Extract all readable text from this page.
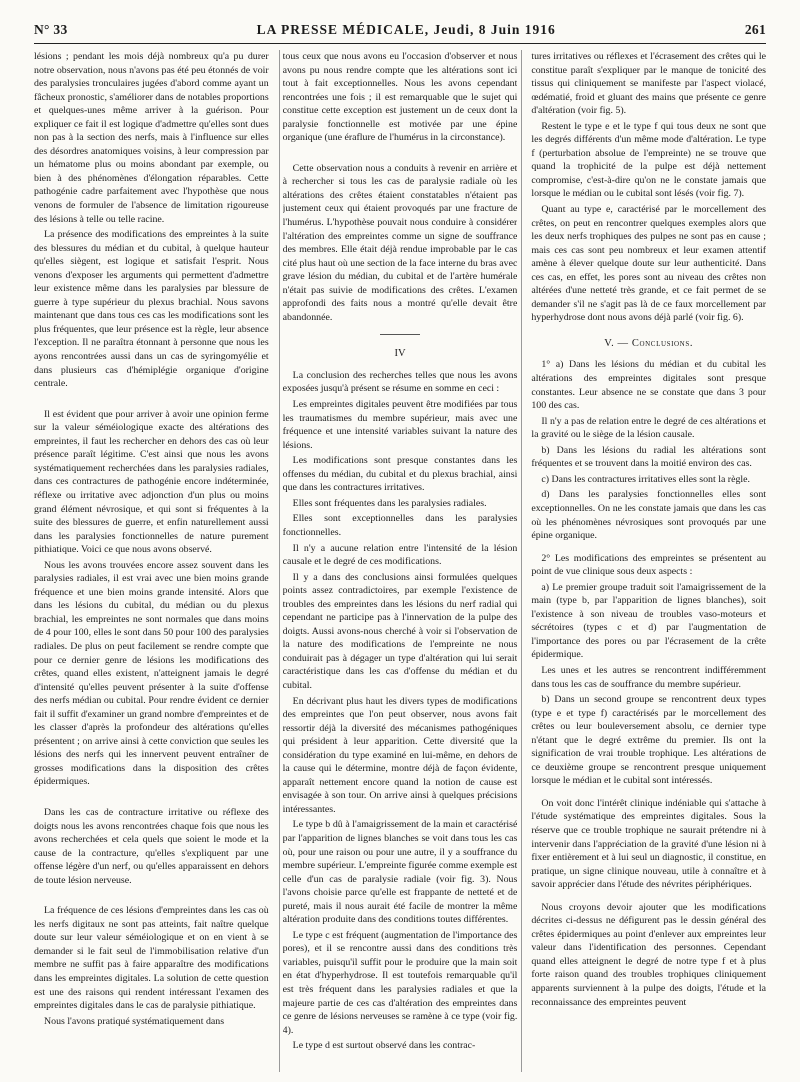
N° 33	LA PRESSE MÉDICALE, Jeudi, 8 Juin 1916	261

lésions ; pendant les mois déjà nombreux qu'a pu durer notre observation, nous n'avons pas été peu étonnés de voir des paralysies tronculaires jugées d'abord comme ayant un fâcheux pronostic, s'améliorer dans de notables proportions et quelques-unes même arriver à la guérison. Pour expliquer ce fait il est logique d'admettre qu'elles sont dues non pas à la section des nerfs, mais à l'influence sur elles des désordres anatomiques voisins, à leur compression par un hématome plus ou moins abondant par exemple, ou bien à des phénomènes d'élongation réparables. Cette pathogénie cadre parfaitement avec l'hypothèse que nous venons de formuler de l'absence de limitation rigoureuse des lésions à telle ou telle racine.

La présence des modifications des empreintes à la suite des blessures du médian et du cubital, à quelque hauteur qu'elles siègent, est logique et satisfait l'esprit. Nous venons d'exposer les arguments qui permettent d'admettre leur existence même dans les paralysies par blessure de guerre à type supérieur du plexus brachial. Nous savons maintenant que dans tous ces cas les modifications sont les plus fréquentes, que leur présence est la règle, leur absence l'exception. Il ne paraîtra étonnant à personne que nous les ayons rencontrées aussi dans un cas de syringomyélie et dans plusieurs cas d'hémiplégie organique d'origine centrale.

Il est évident que pour arriver à avoir une opinion ferme sur la valeur séméiologique exacte des altérations des empreintes, il faut les rechercher en dehors des cas où leur présence paraît légitime. C'est ainsi que nous les avons systématiquement recherchées dans les paralysies radiales, dans ces contractures de pathogénie encore indéterminée, réflexe ou irritative avec adjonction d'un plus ou moins grand élément névrosique, et qui sont si fréquentes à la suite des blessures de guerre, et enfin naturellement aussi dans les paralysies fonctionnelles de nature purement pithiatique. Voici ce que nous avons observé.

Nous les avons trouvées encore assez souvent dans les paralysies radiales, il est vrai avec une bien moins grande fréquence et une bien moins grande intensité. Alors que dans les lésions du cubital, du médian ou du plexus brachial, les empreintes ne sont normales que dans moins de 4 pour 100, elles le sont dans 50 pour 100 des paralysies radiales. De plus on peut facilement se rendre compte que pour ce dernier genre de lésions les modifications des crêtes, quand elles existent, n'atteignent jamais le degré d'intensité qu'elles peuvent présenter à la suite d'offense des nerfs médian ou cubital. Pour rendre évident ce dernier fait il suffit d'examiner un grand nombre d'empreintes et de les classer d'après la profondeur des altérations qu'elles présentent ; on arrive ainsi à cette conviction que seules les lésions des nerfs qui les innervent peuvent entraîner de grosses modifications dans la disposition des crêtes épidermiques.

Dans les cas de contracture irritative ou réflexe des doigts nous les avons rencontrées chaque fois que nous les avons recherchées et cela quels que soient le mode et la cause de la contracture, qu'elles s'expliquent par une offense légère d'un nerf, ou qu'elles apparaissent en dehors de toute lésion nerveuse.

La fréquence de ces lésions d'empreintes dans les cas où les nerfs digitaux ne sont pas atteints, fait naître quelque doute sur leur valeur séméiologique et on en vient à se demander si le fait seul de l'immobilisation relative d'un membre ne suffit pas à faire apparaître des modifications dans les empreintes digitales. La solution de cette question est une des raisons qui rendent intéressant l'examen des empreintes digitales dans le cas de paralysie pithiatique.

Nous l'avons pratiqué systématiquement dans

tous ceux que nous avons eu l'occasion d'observer et nous avons pu nous rendre compte que les altérations sont ici tout à fait exceptionnelles. Nous les avons cependant rencontrées une fois ; il est remarquable que le sujet qui constitue cette exception est justement un de ceux dont la paralysie fonctionnelle est motivée par une épine organique (une éraflure de l'humérus in la circonstance).

Cette observation nous a conduits à revenir en arrière et à rechercher si tous les cas de paralysie radiale où les altérations des crêtes étaient constatables n'étaient pas justement ceux qui étaient provoqués par une fracture de l'humérus. L'hypothèse pouvait nous conduire à considérer l'altération des empreintes comme un signe de souffrance des membres. Elle était déjà rendue improbable par le cas cité plus haut où une section de la face interne du bras avec grave lésion du médian, du cubital et de l'artère humérale n'était pas suivie de modifications des crêtes. L'examen approfondi des faits nous a montré qu'elle devait être abandonnée.

IV

La conclusion des recherches telles que nous les avons exposées jusqu'à présent se résume en somme en ceci :

Les empreintes digitales peuvent être modifiées par tous les traumatismes du membre supérieur, mais avec une fréquence et une intensité variables suivant la nature des lésions.

Les modifications sont presque constantes dans les offenses du médian, du cubital et du plexus brachial, ainsi que dans les contractures irritatives.

Elles sont fréquentes dans les paralysies radiales.

Elles sont exceptionnelles dans les paralysies fonctionnelles.

Il n'y a aucune relation entre l'intensité de la lésion causale et le degré de ces modifications.

Il y a dans des conclusions ainsi formulées quelques points assez contradictoires, par exemple l'existence de troubles des empreintes dans les lésions du nerf radial qui cependant ne participe pas à l'innervation de la pulpe des doigts. Aussi avons-nous cherché à voir si l'observation de la nature des modifications de l'empreinte ne nous conduirait pas à dégager un type d'altération qui lui serait caractéristique dans les cas d'offense du médian et du cubital.

En décrivant plus haut les divers types de modifications des empreintes que l'on peut observer, nous avons fait ressortir déjà la diversité des mécanismes pathogéniques qui président à leur apparition. Cette diversité que la considération du type examiné en lui-même, en dehors de la cause qui le détermine, montre déjà de façon évidente, apparaît nettement encore quand la notion de cause est envisagée à son tour. On arrive ainsi à quelques précisions intéressantes.

Le type b dû à l'amaigrissement de la main et caractérisé par l'apparition de lignes blanches se voit dans tous les cas où, pour une raison ou pour une autre, il y a souffrance du membre supérieur. L'empreinte figurée comme exemple est celle d'un cas de paralysie radiale (voir fig. 3). Nous l'avons choisie parce qu'elle est frappante de netteté et de pureté, mais il nous aurait été facile de montrer la même altération produite dans des conditions toutes différentes.

Le type c est fréquent (augmentation de l'importance des pores), et il se rencontre aussi dans des conditions très variables, puisqu'il suffit pour le produire que la main soit en état d'hyperhydrose. Il est toutefois remarquable qu'il est très fréquent dans les paralysies radiales et que la majeure partie de ces cas d'altération des empreintes dans ce genre de lésions nerveuses se ramène à ce type (voir fig. 4).

Le type d est surtout observé dans les contrac-

tures irritatives ou réflexes et l'écrasement des crêtes qui le constitue paraît s'expliquer par le manque de tonicité des tissus qui cliniquement se manifeste par l'aspect violacé, œdématié, froid et gluant des mains que présente ce genre d'altération (voir fig. 5).

Restent le type e et le type f qui tous deux ne sont que les degrés différents d'un même mode d'altération. Le type f (perturbation absolue de l'empreinte) ne se trouve que quand la trophicité de la pulpe est déjà nettement compromise, c'est-à-dire qu'on ne le constate jamais que lorsque le médian ou le cubital sont lésés (voir fig. 7).

Quant au type e, caractérisé par le morcellement des crêtes, on peut en rencontrer quelques exemples alors que les deux nerfs trophiques des pulpes ne sont pas en cause ; mais ces cas sont peu nombreux et leur examen attentif amène à élever quelque doute sur leur authenticité. Dans ces cas, en effet, les pores sont au niveau des crêtes non altérées d'une netteté très grande, et ce fait permet de se demander s'il ne s'agit pas là de ce faux morcellement par hyperhydrose dont nous avons déjà parlé (voir fig. 6).

V. — Conclusions.

1° a) Dans les lésions du médian et du cubital les altérations des empreintes digitales sont presque constantes. Leur absence ne se constate que dans 3 pour 100 des cas.

Il n'y a pas de relation entre le degré de ces altérations et la gravité ou le siège de la lésion causale.

b) Dans les lésions du radial les altérations sont fréquentes et se trouvent dans la moitié environ des cas.

c) Dans les contractures irritatives elles sont la règle.

d) Dans les paralysies fonctionnelles elles sont exceptionnelles. On ne les constate jamais que dans les cas où les phénomènes névrosiques sont provoqués par une épine organique.

2° Les modifications des empreintes se présentent au point de vue clinique sous deux aspects :

a) Le premier groupe traduit soit l'amaigrissement de la main (type b, par l'apparition de lignes blanches), soit l'existence à son niveau de troubles vaso-moteurs et sécrétoires (types c et d) par l'augmentation de l'importance des pores ou par l'écrasement de la crête épidermique.

Les unes et les autres se rencontrent indifféremment dans tous les cas de souffrance du membre supérieur.

b) Dans un second groupe se rencontrent deux types (type e et type f) caractérisés par le morcellement des crêtes ou leur bouleversement absolu, ce dernier type n'étant que le degré extrême du premier. Ils ont la signification de vrai trouble trophique. Les altérations de ce deuxième groupe se rencontrent presque uniquement lorsque le médian et le cubital sont intéressés.

On voit donc l'intérêt clinique indéniable qui s'attache à l'étude systématique des empreintes digitales. Sous la réserve que ce trouble trophique ne saurait prétendre ni à intervenir dans l'appréciation de la gravité d'une lésion ni à fixer entièrement et à lui seul un diagnostic, il constitue, en pratique, un signe clinique nouveau, utile à connaître et à savoir apprécier dans l'étude des névrites périphériques.

Nous croyons devoir ajouter que les modifications décrites ci-dessus ne défigurent pas le dessin général des crêtes épidermiques au point d'enlever aux empreintes leur valeur dans l'identification des personnes. Cependant quand elles atteignent le degré de notre type f et à plus forte raison quand des troubles trophiques cliniquement apparents surviennent à la pulpe des doigts, l'étude et la reconnaissance des empreintes peuvent
